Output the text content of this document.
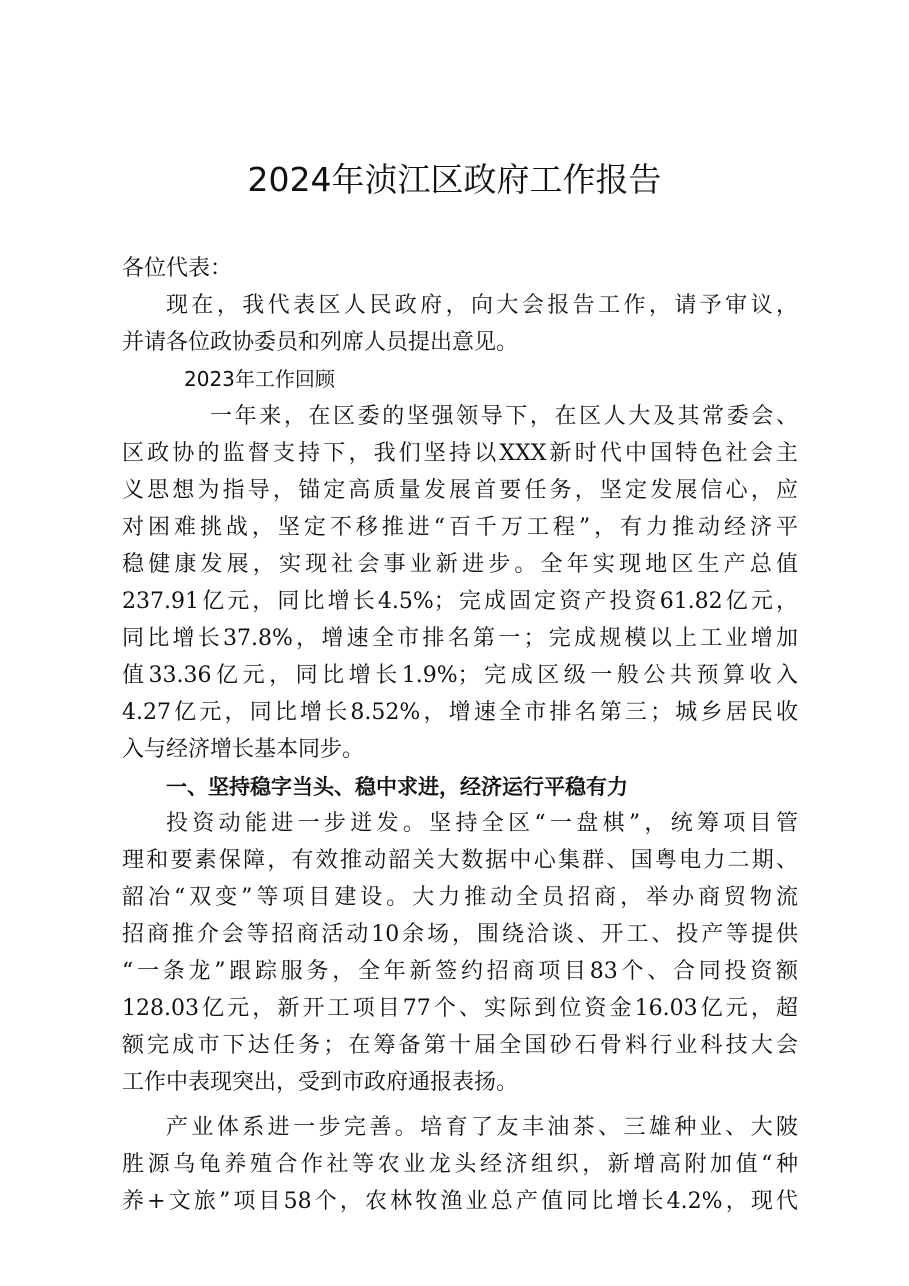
2024年浈江区政府工作报告
各位代表：
现在，我代表区人民政府，向大会报告工作，请予审议，
并请各位政协委员和列席人员提出意见。
2023年工作回顾
一年来，在区委的坚强领导下，在区人大及其常委会、
区政协的监督支持下，我们坚持以XXX新时代中国特色社会主
义思想为指导，锚定高质量发展首要任务，坚定发展信心，应
对困难挑战，坚定不移推进“百千万工程”，有力推动经济平
稳健康发展，实现社会事业新进步。全年实现地区生产总值
237.91亿元，同比增长4.5%；完成固定资产投资61.82亿元，
同比增长37.8%，增速全市排名第一；完成规模以上工业增加
值33.36亿元，同比增长1.9%；完成区级一般公共预算收入
4.27亿元，同比增长8.52%，增速全市排名第三；城乡居民收
入与经济增长基本同步。
一、坚持稳字当头、稳中求进，经济运行平稳有力
投资动能进一步迸发。坚持全区“一盘棋”，统筹项目管
理和要素保障，有效推动韶关大数据中心集群、国粤电力二期、
韶冶“双变”等项目建设。大力推动全员招商，举办商贸物流
招商推介会等招商活动10余场，围绕洽谈、开工、投产等提供
“一条龙”跟踪服务，全年新签约招商项目83个、合同投资额
128.03亿元，新开工项目77个、实际到位资金16.03亿元，超
额完成市下达任务；在筹备第十届全国砂石骨料行业科技大会
工作中表现突出，受到市政府通报表扬。
产业体系进一步完善。培育了友丰油茶、三雄种业、大陂
胜源乌龟养殖合作社等农业龙头经济组织，新增高附加值“种
养+文旅”项目58个，农林牧渔业总产值同比增长4.2%，现代
